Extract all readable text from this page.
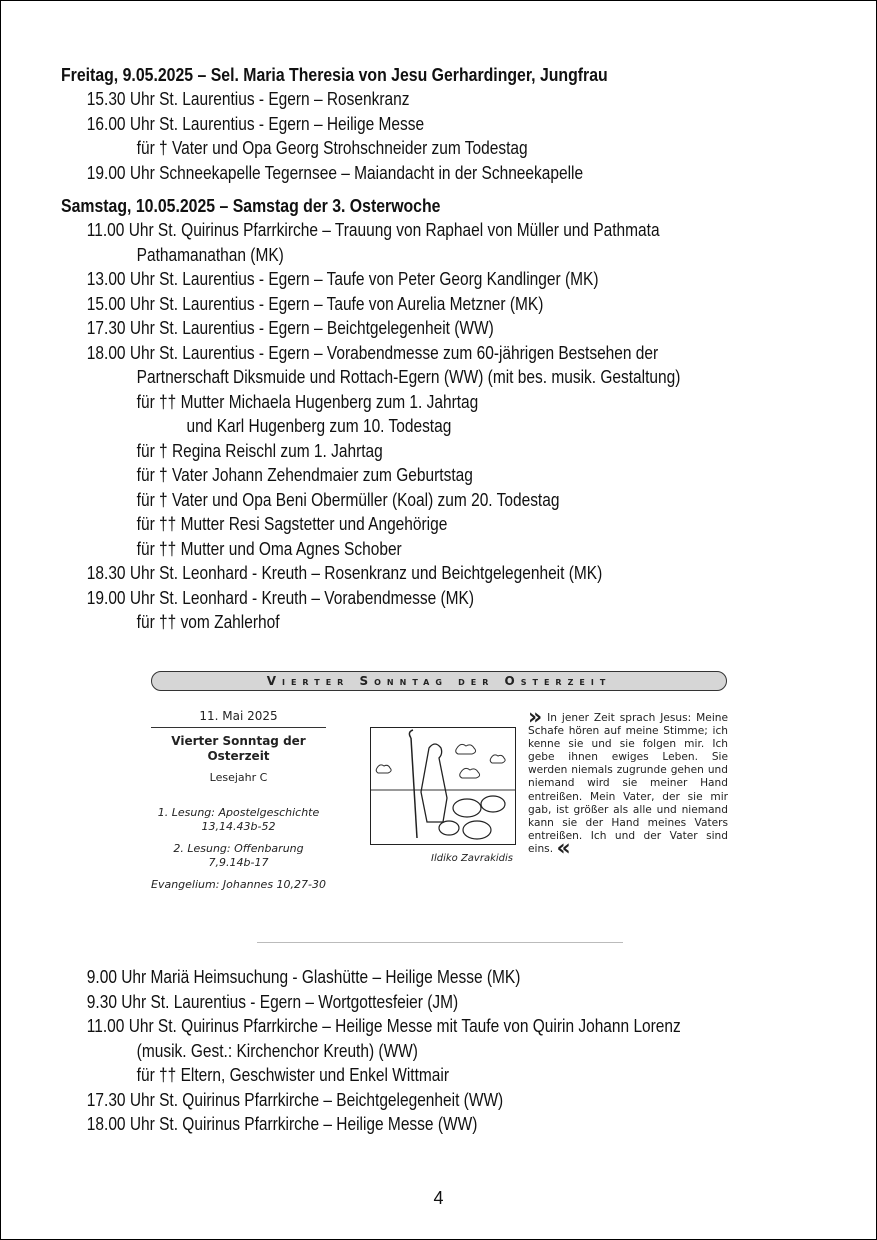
Freitag, 9.05.2025 – Sel. Maria Theresia von Jesu Gerhardinger, Jungfrau
15.30 Uhr St. Laurentius - Egern – Rosenkranz
16.00 Uhr St. Laurentius - Egern – Heilige Messe
für † Vater und Opa Georg Strohschneider zum Todestag
19.00 Uhr Schneekapelle Tegernsee – Maiandacht in der Schneekapelle
Samstag, 10.05.2025 – Samstag der 3. Osterwoche
11.00 Uhr St. Quirinus Pfarrkirche – Trauung von Raphael von Müller und Pathmata
Pathamanathan (MK)
13.00 Uhr St. Laurentius - Egern – Taufe von Peter Georg Kandlinger (MK)
15.00 Uhr St. Laurentius - Egern – Taufe von Aurelia Metzner (MK)
17.30 Uhr St. Laurentius - Egern – Beichtgelegenheit (WW)
18.00 Uhr St. Laurentius - Egern – Vorabendmesse zum 60-jährigen Bestsehen der
Partnerschaft Diksmuide und Rottach-Egern (WW) (mit bes. musik. Gestaltung)
für †† Mutter Michaela Hugenberg zum 1. Jahrtag
und Karl Hugenberg zum 10. Todestag
für † Regina Reischl zum 1. Jahrtag
für † Vater Johann Zehendmaier zum Geburtstag
für † Vater und Opa Beni Obermüller (Koal) zum 20. Todestag
für †† Mutter Resi Sagstetter und Angehörige
für †† Mutter und Oma Agnes Schober
18.30 Uhr St. Leonhard - Kreuth – Rosenkranz und Beichtgelegenheit (MK)
19.00 Uhr St. Leonhard - Kreuth – Vorabendmesse (MK)
für †† vom Zahlerhof
Vierter Sonntag der Osterzeit
11. Mai 2025
Vierter Sonntag der Osterzeit
Lesejahr C
1. Lesung: Apostelgeschichte 13,14.43b-52
2. Lesung: Offenbarung 7,9.14b-17
Evangelium: Johannes 10,27-30
Ildiko Zavrakidis
» In jener Zeit sprach Jesus: Meine Schafe hören auf meine Stimme; ich kenne sie und sie folgen mir. Ich gebe ihnen ewiges Leben. Sie werden niemals zugrunde gehen und niemand wird sie meiner Hand entreißen. Mein Vater, der sie mir gab, ist größer als alle und niemand kann sie der Hand meines Vaters entreißen. Ich und der Vater sind eins. «
9.00 Uhr Mariä Heimsuchung - Glashütte – Heilige Messe (MK)
9.30 Uhr St. Laurentius - Egern – Wortgottesfeier (JM)
11.00 Uhr St. Quirinus Pfarrkirche – Heilige Messe mit Taufe von Quirin Johann Lorenz
(musik. Gest.: Kirchenchor Kreuth) (WW)
für †† Eltern, Geschwister und Enkel Wittmair
17.30 Uhr St. Quirinus Pfarrkirche – Beichtgelegenheit (WW)
18.00 Uhr St. Quirinus Pfarrkirche – Heilige Messe (WW)
4
